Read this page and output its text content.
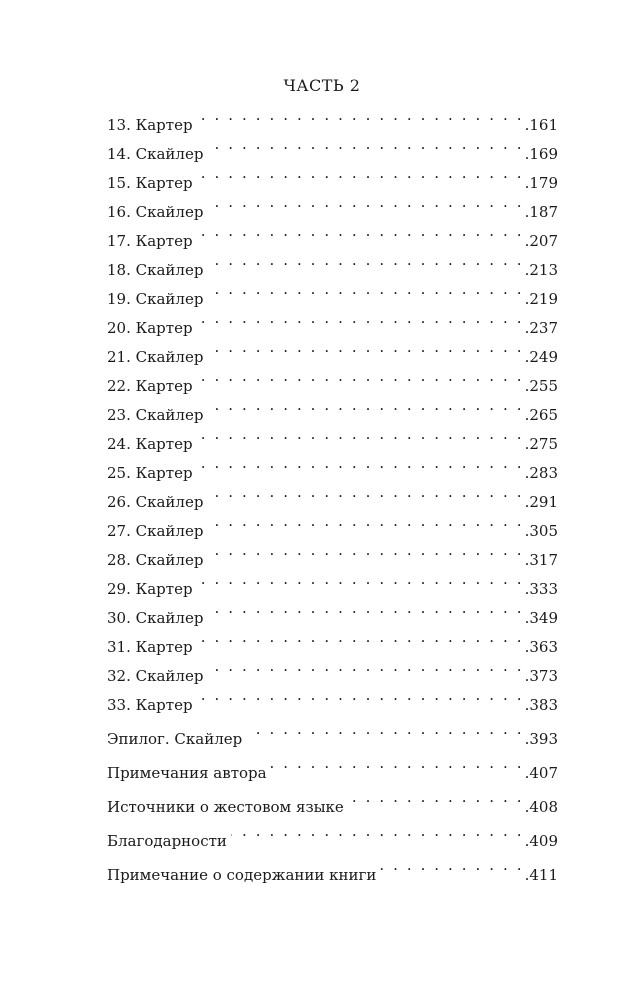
ЧАСТЬ 2
13. Картер . . .	.161
14. Скайлер . . .	.169
15. Картер . . .	.179
16. Скайлер . . .	.187
17. Картер . . .	.207
18. Скайлер . . .	.213
19. Скайлер . . .	.219
20. Картер . . .	.237
21. Скайлер . . .	.249
22. Картер . . .	.255
23. Скайлер . . .	.265
24. Картер . . .	.275
25. Картер . . .	.283
26. Скайлер . . .	.291
27. Скайлер . . .	.305
28. Скайлер . . .	.317
29. Картер . . .	.333
30. Скайлер . . .	.349
31. Картер . . .	.363
32. Скайлер . . .	.373
33. Картер . . .	.383
Эпилог. Скайлер . . .	.393
Примечания автора . . .	.407
Источники о жестовом языке . . .	.408
Благодарности . . .	.409
Примечание о содержании книги . . .	.411
